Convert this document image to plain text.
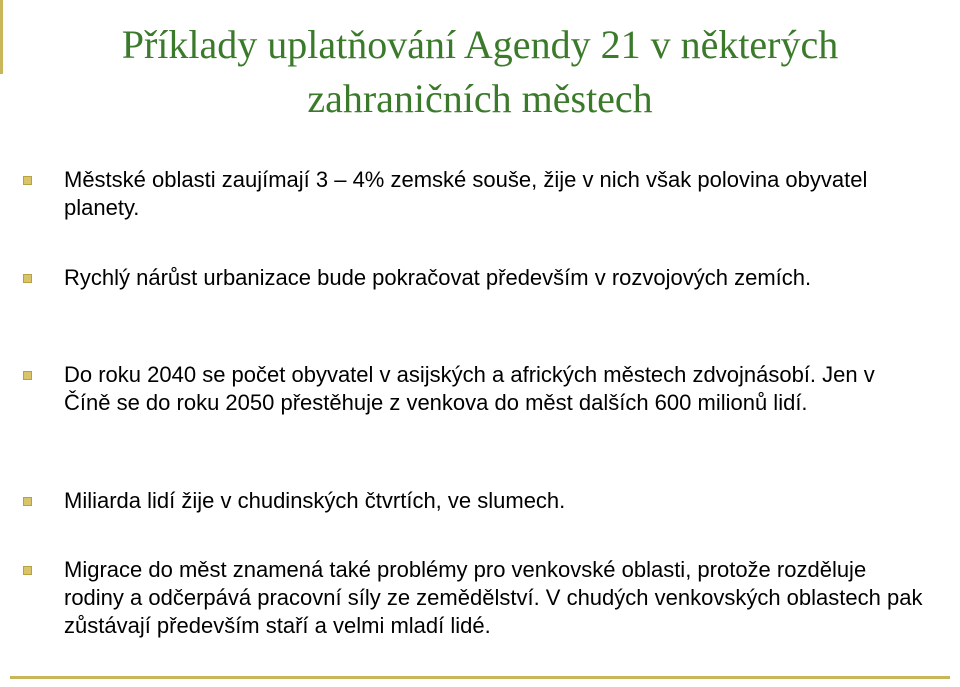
Příklady uplatňování Agendy 21 v některých zahraničních městech
Městské oblasti zaujímají 3 – 4% zemské souše, žije v nich však polovina obyvatel planety.
Rychlý nárůst urbanizace bude pokračovat především v rozvojových zemích.
Do roku 2040 se počet obyvatel v asijských a afrických městech zdvojnásobí. Jen v Číně se do roku 2050 přestěhuje z venkova do měst dalších 600 milionů lidí.
Miliarda lidí žije v chudinských čtvrtích, ve slumech.
Migrace do měst znamená také problémy pro venkovské oblasti, protože rozděluje rodiny a odčerpává pracovní síly ze zemědělství. V chudých venkovských oblastech pak zůstávají především staří a velmi mladí lidé.
